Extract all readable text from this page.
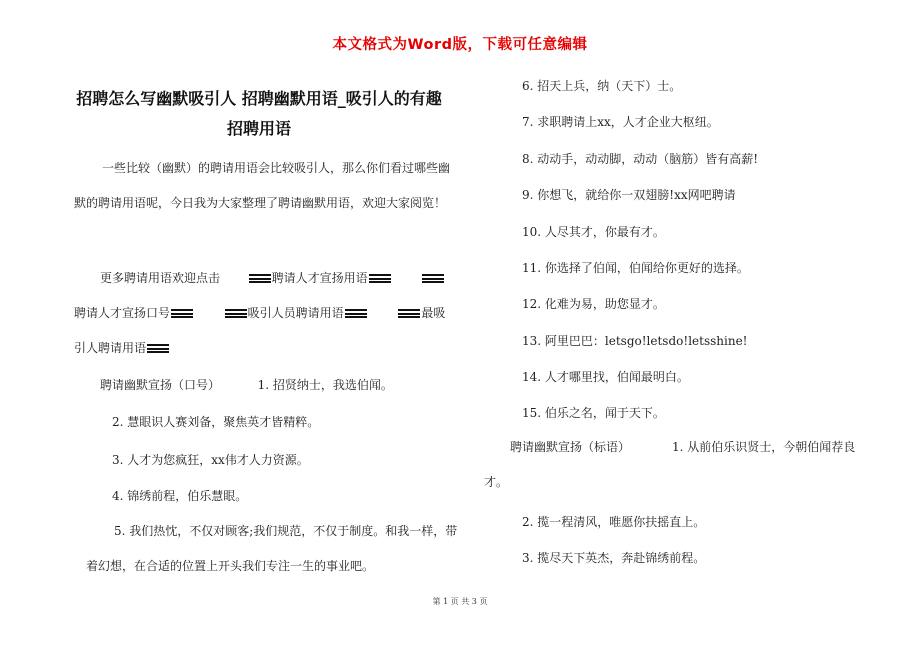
本文格式为Word版，下载可任意编辑
招聘怎么写幽默吸引人 招聘幽默用语_吸引人的有趣
招聘用语
一些比较（幽默）的聘请用语会比较吸引人，那么你们看过哪些幽默的聘请用语呢，今日我为大家整理了聘请幽默用语，欢迎大家阅览！
更多聘请用语欢迎点击	聘请人才宣扬用语
聘请人才宣扬口号	吸引人员聘请用语	最吸
引人聘请用语
聘请幽默宣扬（口号）	1. 招贤纳士，我选伯闻。
2. 慧眼识人赛刘备，聚焦英才皆精粹。
3. 人才为您疯狂，xx伟才人力资源。
4. 锦绣前程，伯乐慧眼。
5. 我们热忱，不仅对顾客;我们规范，不仅于制度。和我一样，带着幻想，在合适的位置上开头我们专注一生的事业吧。
6. 招天上兵，纳（天下）士。
7. 求职聘请上xx，人才企业大枢纽。
8. 动动手，动动脚，动动（脑筋）皆有高薪!
9. 你想飞，就给你一双翅膀!xx网吧聘请
10. 人尽其才，你最有才。
11. 你选择了伯闻，伯闻给你更好的选择。
12. 化难为易，助您显才。
13. 阿里巴巴：letsgo!letsdo!letsshine!
14. 人才哪里找，伯闻最明白。
15. 伯乐之名，闻于天下。
聘请幽默宣扬（标语）	1. 从前伯乐识贤士，今朝伯闻荐良才。
2. 揽一程清风，唯愿你扶摇直上。
3. 揽尽天下英杰，奔赴锦绣前程。
第 1 页 共 3 页
